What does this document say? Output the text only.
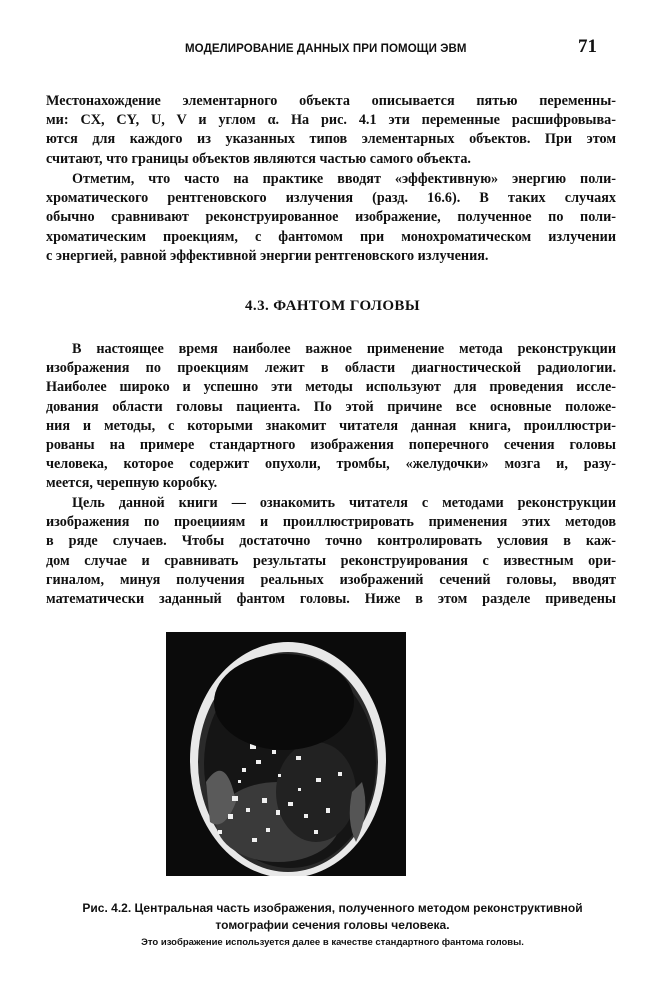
МОДЕЛИРОВАНИЕ ДАННЫХ ПРИ ПОМОЩИ ЭВМ	71
Местонахождение элементарного объекта описывается пятью переменны-
ми: CX, CY, U, V и углом α. На рис. 4.1 эти переменные расшифровыва-
ются для каждого из указанных типов элементарных объектов. При этом
считают, что границы объектов являются частью самого объекта.
Отметим, что часто на практике вводят «эффективную» энергию поли-
хроматического рентгеновского излучения (разд. 16.6). В таких случаях
обычно сравнивают реконструированное изображение, полученное по поли-
хроматическим проекциям, с фантомом при монохроматическом излучении
с энергией, равной эффективной энергии рентгеновского излучения.
4.3. ФАНТОМ ГОЛОВЫ
В настоящее время наиболее важное применение метода реконструкции
изображения по проекциям лежит в области диагностической радиологии.
Наиболее широко и успешно эти методы используют для проведения иссле-
дования области головы пациента. По этой причине все основные положе-
ния и методы, с которыми знакомит читателя данная книга, проиллюстри-
рованы на примере стандартного изображения поперечного сечения головы
человека, которое содержит опухоли, тромбы, «желудочки» мозга и, разу-
меется, черепную коробку.
Цель данной книги — ознакомить читателя с методами реконструкции
изображения по проецииям и проиллюстрировать применения этих методов
в ряде случаев. Чтобы достаточно точно контролировать условия в каж-
дом случае и сравнивать результаты реконструирования с известным ори-
гиналом, минуя получения реальных изображений сечений головы, вводят
математически заданный фантом головы. Ниже в этом разделе приведены
Рис. 4.2. Центральная часть изображения, полученного методом реконструктивной
томографии сечения головы человека.
Это изображение используется далее в качестве стандартного фантома головы.
